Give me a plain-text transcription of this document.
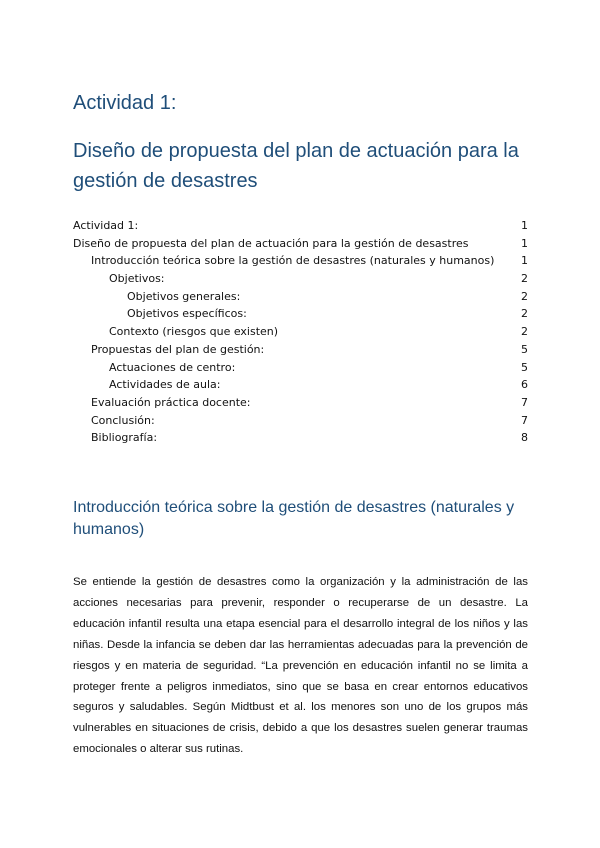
Actividad 1:
Diseño de propuesta del plan de actuación para la gestión de desastres
Actividad 1:	1
Diseño de propuesta del plan de actuación para la gestión de desastres	1
Introducción teórica sobre la gestión de desastres (naturales y humanos) 1
Objetivos:	2
Objetivos generales:	2
Objetivos específicos:	2
Contexto (riesgos que existen)	2
Propuestas del plan de gestión:	5
Actuaciones de centro:	5
Actividades de aula:	6
Evaluación práctica docente:	7
Conclusión:	7
Bibliografía:	8
Introducción teórica sobre la gestión de desastres (naturales y humanos)

Se entiende la gestión de desastres como la organización y la administración de las acciones necesarias para prevenir, responder o recuperarse de un desastre. La educación infantil resulta una etapa esencial para el desarrollo integral de los niños y las niñas. Desde la infancia se deben dar las herramientas adecuadas para la prevención de riesgos y en materia de seguridad. “La prevención en educación infantil no se limita a proteger frente a peligros inmediatos, sino que se basa en crear entornos educativos seguros y saludables. Según Midtbust et al. los menores son uno de los grupos más vulnerables en situaciones de crisis, debido a que los desastres suelen generar traumas emocionales o alterar sus rutinas.
